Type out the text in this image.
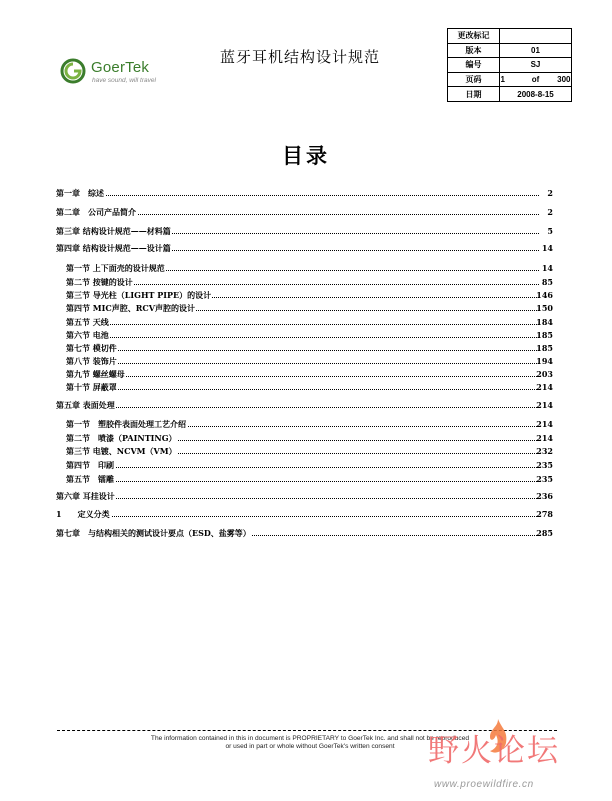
GoerTek
have sound, will travel
蓝牙耳机结构设计规范
更改标记	
版本	01
编号	SJ
页码	1 of 300
日期	2008-8-15
目录
第一章　综述	2
第二章　公司产品简介	2
第三章 结构设计规范——材料篇	5
第四章 结构设计规范——设计篇	14
第一节 上下面壳的设计规范	14
第二节 按键的设计	85
第三节 导光柱（LIGHT PIPE）的设计	146
第四节 MIC声腔、RCV声腔的设计	150
第五节 天线	184
第六节 电池	185
第七节 模切件	185
第八节 装饰片	194
第九节 螺丝螺母	203
第十节 屏蔽罩	214
第五章 表面处理	214
第一节　塑胶件表面处理工艺介绍	214
第二节　喷漆（PAINTING）	214
第三节 电镀、NCVM（VM）	232
第四节　印刷	235
第五节　镭雕	235
第六章 耳挂设计	236
1　　定义分类	278
第七章　与结构相关的测试设计要点（ESD、盐雾等）	285
The information contained in this in document is PROPRIETARY to GoerTek Inc. and shall not be reproduced
or used in part or whole without GoerTek's written consent	野火论坛
www.proewildfire.cn
